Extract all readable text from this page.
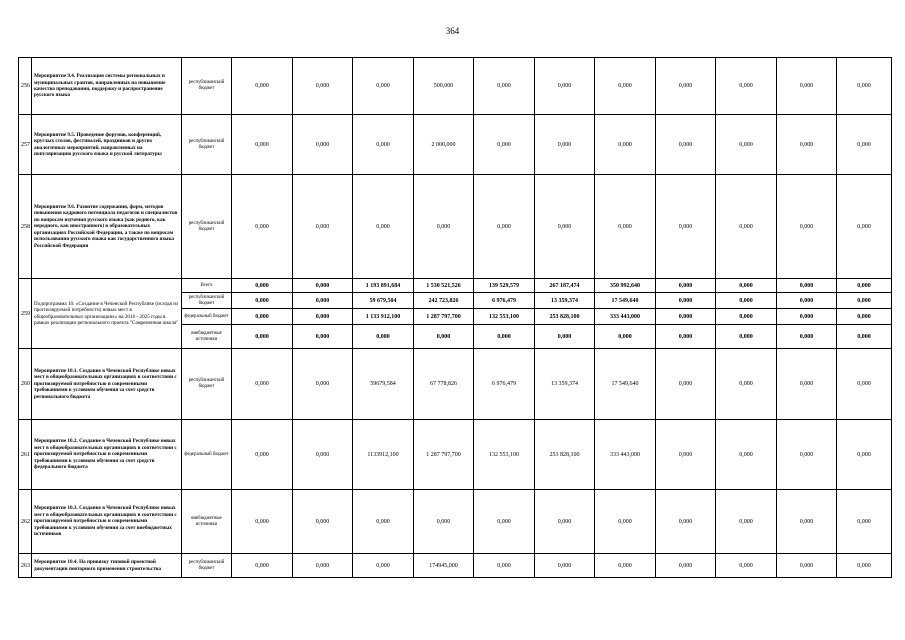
364
256	Мероприятие 9.4. Реализация системы региональных и муниципальных грантов, направленных на повышение качества преподавания, поддержку и распространение русского языка	республиканский бюджет	0,000	0,000	0,000	500,000	0,000	0,000	0,000	0,000	0,000	0,000	0,000
257	Мероприятие 9.5. Проведение форумов, конференций, круглых столов, фестивалей, праздников и других аналогичных мероприятий, направленных на популяризацию русского языка и русской литературы	республиканский бюджет	0,000	0,000	0,000	2 000,000	0,000	0,000	0,000	0,000	0,000	0,000	0,000
258	Мероприятие 9.6. Развитие содержания, форм, методов повышения кадрового потенциала педагогов и специалистов по вопросам изучения русского языка (как родного, как неродного, как иностранного) в образовательных организациях Российской Федерации, а также по вопросам использования русского языка как государственного языка Российской Федерации	республиканский бюджет	0,000	0,000	0,000	0,000	0,000	0,000	0,000	0,000	0,000	0,000	0,000
259	Подпрограмма 10. «Создание в Чеченской Республике (исходя из прогнозируемой потребности) новых мест в общеобразовательных организациях» на 2016 - 2025 годы в рамках реализации регионального проекта "Современная школа"	Всего	0,000	0,000	1 193 891,684	1 530 521,526	139 529,579	267 187,474	350 992,640	0,000	0,000	0,000	0,000
		республиканский бюджет	0,000	0,000	59 679,584	242 723,826	6 976,479	13 359,374	17 549,640	0,000	0,000	0,000	0,000
		федеральный бюджет	0,000	0,000	1 133 912,100	1 287 797,700	132 553,100	253 828,100	333 443,000	0,000	0,000	0,000	0,000
		внебюджетные источники	0,000	0,000	0,000	0,000	0,000	0,000	0,000	0,000	0,000	0,000	0,000
260	Мероприятие 10.1. Создание в Чеченской Республике новых мест в общеобразовательных организациях в соответствии с прогнозируемой потребностью и современными требованиями к условиям обучения за счет средств регионального бюджета	республиканский бюджет	0,000	0,000	59679,584	67 778,826	6 976,479	13 359,374	17 549,640	0,000	0,000	0,000	0,000
261	Мероприятие 10.2. Создание в Чеченской Республике новых мест в общеобразовательных организациях в соответствии с прогнозируемой потребностью и современными требованиями к условиям обучения за счет средств федерального бюджета	федеральный бюджет	0,000	0,000	1133912,100	1 287 797,700	132 553,100	253 828,100	333 443,000	0,000	0,000	0,000	0,000
262	Мероприятие 10.3. Создание в Чеченской Республике новых мест в общеобразовательных организациях в соответствии с прогнозируемой потребностью и современными требованиями к условиям обучения за счет внебюджетных источников	внебюджетные источники	0,000	0,000	0,000	0,000	0,000	0,000	0,000	0,000	0,000	0,000	0,000
263	Мероприятие 10.4. На привязку типовой проектной документации повторного применения строительства	республиканский бюджет	0,000	0,000	0,000	174945,000	0,000	0,000	0,000	0,000	0,000	0,000	0,000
